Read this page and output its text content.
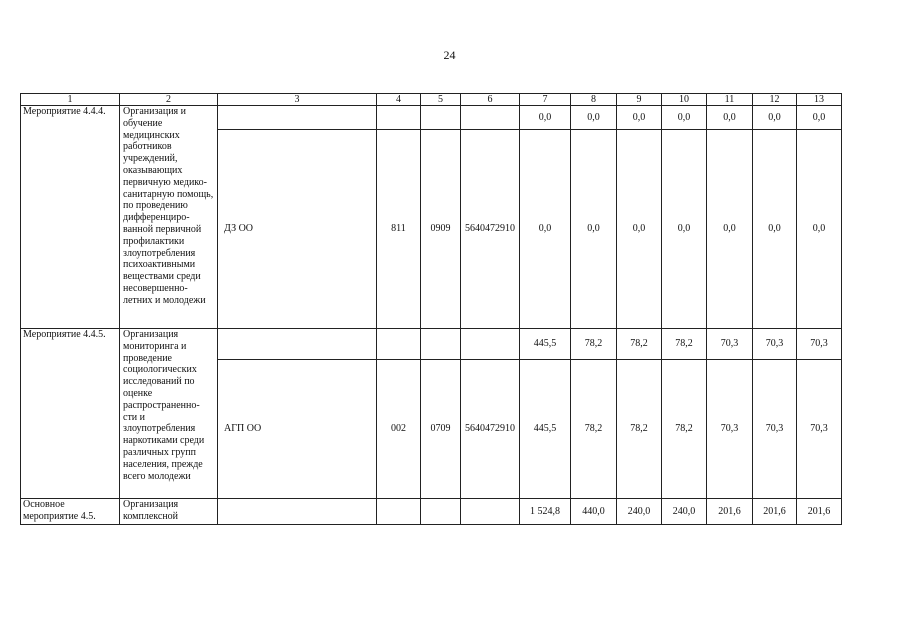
24
1	2	3	4	5	6	7	8	9	10	11	12	13
Мероприятие 4.4.4.	Организация и обучение медицинских работников учреждений, оказывающих первичную медико-санитарную помощь, по проведению дифференциро- ванной первичной профилактики злоупотребления психоактивными веществами среди несовершенно- летних и молодежи					0,0	0,0	0,0	0,0	0,0	0,0	0,0
		ДЗ ОО	811	0909	5640472910	0,0	0,0	0,0	0,0	0,0	0,0	0,0
Мероприятие 4.4.5.	Организация мониторинга и проведение социологических исследований по оценке распространенно- сти и злоупотребления наркотиками среди различных групп населения, прежде всего молодежи					445,5	78,2	78,2	78,2	70,3	70,3	70,3
		АГП ОО	002	0709	5640472910	445,5	78,2	78,2	78,2	70,3	70,3	70,3
Основное мероприятие 4.5.	Организация комплексной					1 524,8	440,0	240,0	240,0	201,6	201,6	201,6
